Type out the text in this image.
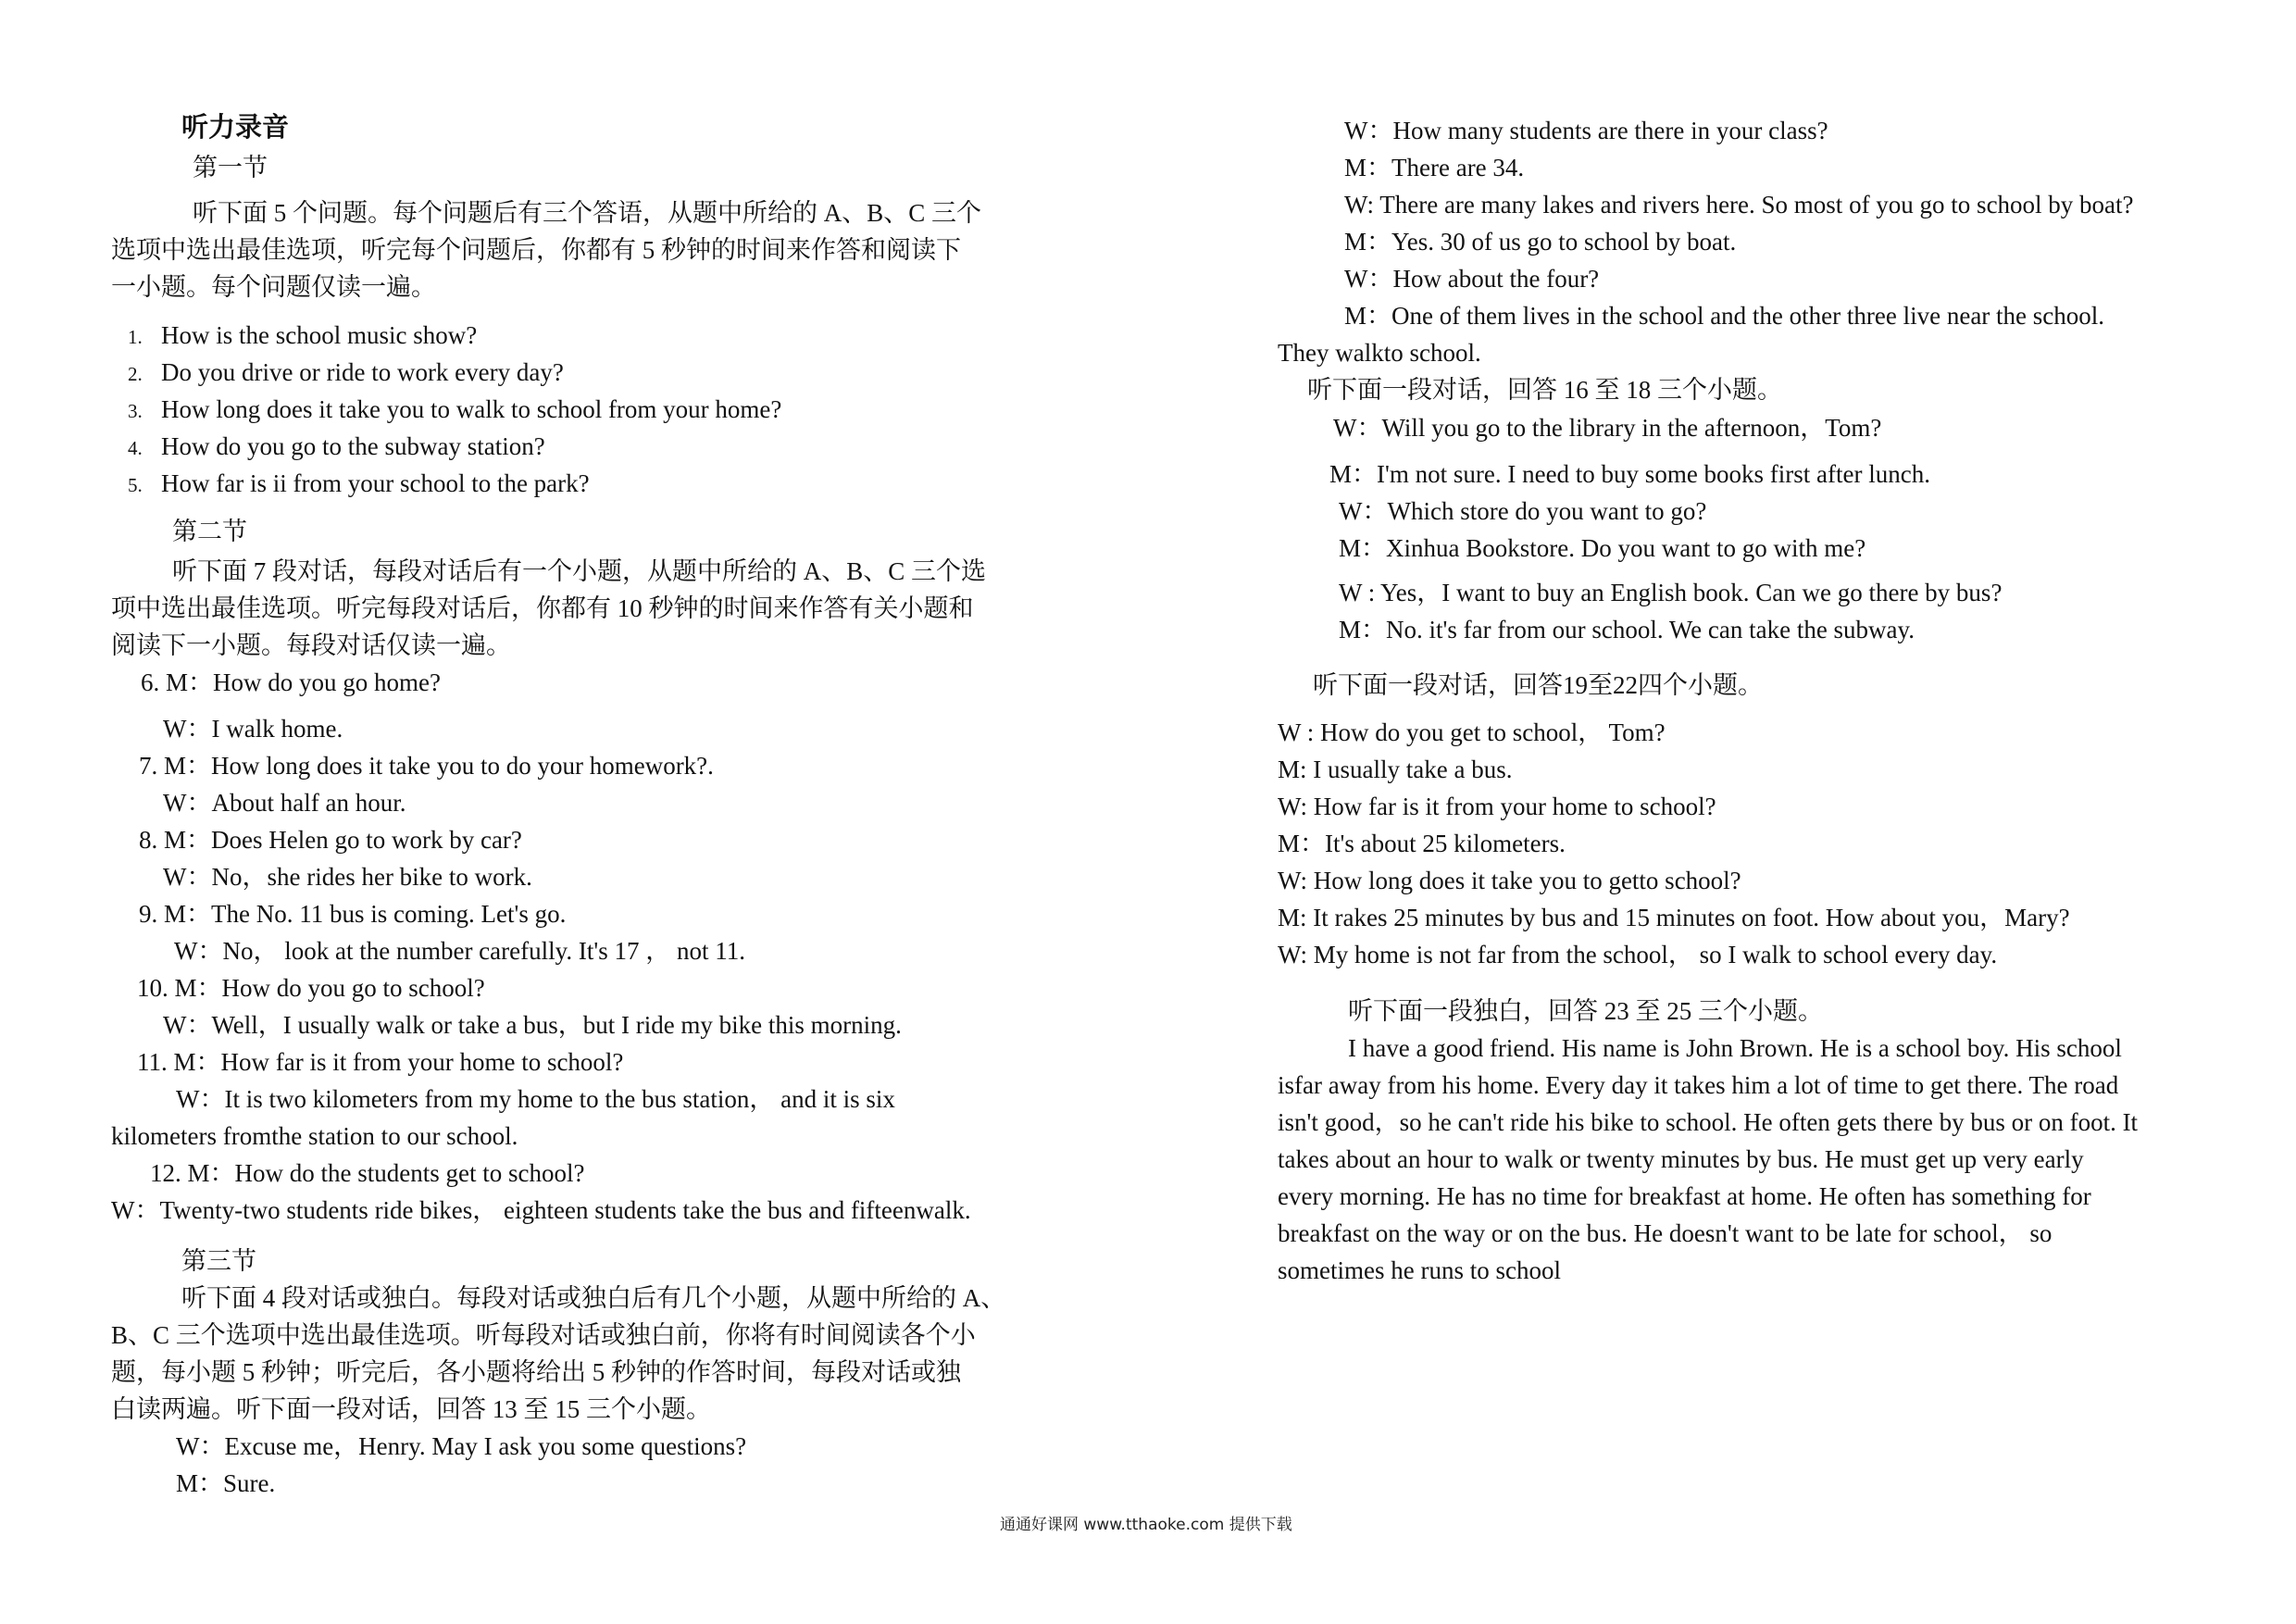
听力录音
第一节
听下面 5 个问题。每个问题后有三个答语，从题中所给的 A、B、C 三个
选项中选出最佳选项，听完每个问题后，你都有 5 秒钟的时间来作答和阅读下
一小题。每个问题仅读一遍。
1. How is the school music show?
2. Do you drive or ride to work every day?
3. How long does it take you to walk to school from your home?
4. How do you go to the subway station?
5. How far is ii from your school to the park?
第二节
听下面 7 段对话，每段对话后有一个小题，从题中所给的 A、B、C 三个选
项中选出最佳选项。听完每段对话后，你都有 10 秒钟的时间来作答有关小题和
阅读下一小题。每段对话仅读一遍。
6. M：How do you go home?
W：I walk home.
7. M：How long does it take you to do your homework?.
W：About half an hour.
8. M：Does Helen go to work by car?
W：No，she rides her bike to work.
9. M：The No. 11 bus is coming. Let's go.
W：No， look at the number carefully. It's 17 ， not 11.
10. M：How do you go to school?
W：Well，I usually walk or take a bus，but I ride my bike this morning.
11. M：How far is it from your home to school?
W：It is two kilometers from my home to the bus station， and it is six
kilometers fromthe station to our school.
12. M：How do the students get to school?
W：Twenty-two students ride bikes， eighteen students take the bus and fifteenwalk.
第三节
听下面 4 段对话或独白。每段对话或独白后有几个小题，从题中所给的 A、
B、C 三个选项中选出最佳选项。听每段对话或独白前，你将有时间阅读各个小
题，每小题 5 秒钟；听完后，各小题将给出 5 秒钟的作答时间，每段对话或独
白读两遍。听下面一段对话，回答 13 至 15 三个小题。
W：Excuse me，Henry. May I ask you some questions?
M：Sure.
W：How many students are there in your class?
M：There are 34.
W: There are many lakes and rivers here. So most of you go to school by boat?
M：Yes. 30 of us go to school by boat.
W：How about the four?
M：One of them lives in the school and the other three live near the school.
They walkto school.
听下面一段对话，回答 16 至 18 三个小题。
W：Will you go to the library in the afternoon，Tom?
M：I'm not sure. I need to buy some books first after lunch.
W：Which store do you want to go?
M：Xinhua Bookstore. Do you want to go with me?
W : Yes，I want to buy an English book. Can we go there by bus?
M：No. it's far from our school. We can take the subway.
听下面一段对话，回答19至22四个小题。
W : How do you get to school， Tom?
M: I usually take a bus.
W: How far is it from your home to school?
M：It's about 25 kilometers.
W: How long does it take you to getto school?
M: It rakes 25 minutes by bus and 15 minutes on foot. How about you，Mary?
W: My home is not far from the school， so I walk to school every day.
听下面一段独白，回答 23 至 25 三个小题。
I have a good friend. His name is John Brown. He is a school boy. His school
isfar away from his home. Every day it takes him a lot of time to get there. The road
isn't good，so he can't ride his bike to school. He often gets there by bus or on foot. It
takes about an hour to walk or twenty minutes by bus. He must get up very early
every morning. He has no time for breakfast at home. He often has something for
breakfast on the way or on the bus. He doesn't want to be late for school， so
sometimes he runs to school
通通好课网 www.tthaoke.com 提供下载
